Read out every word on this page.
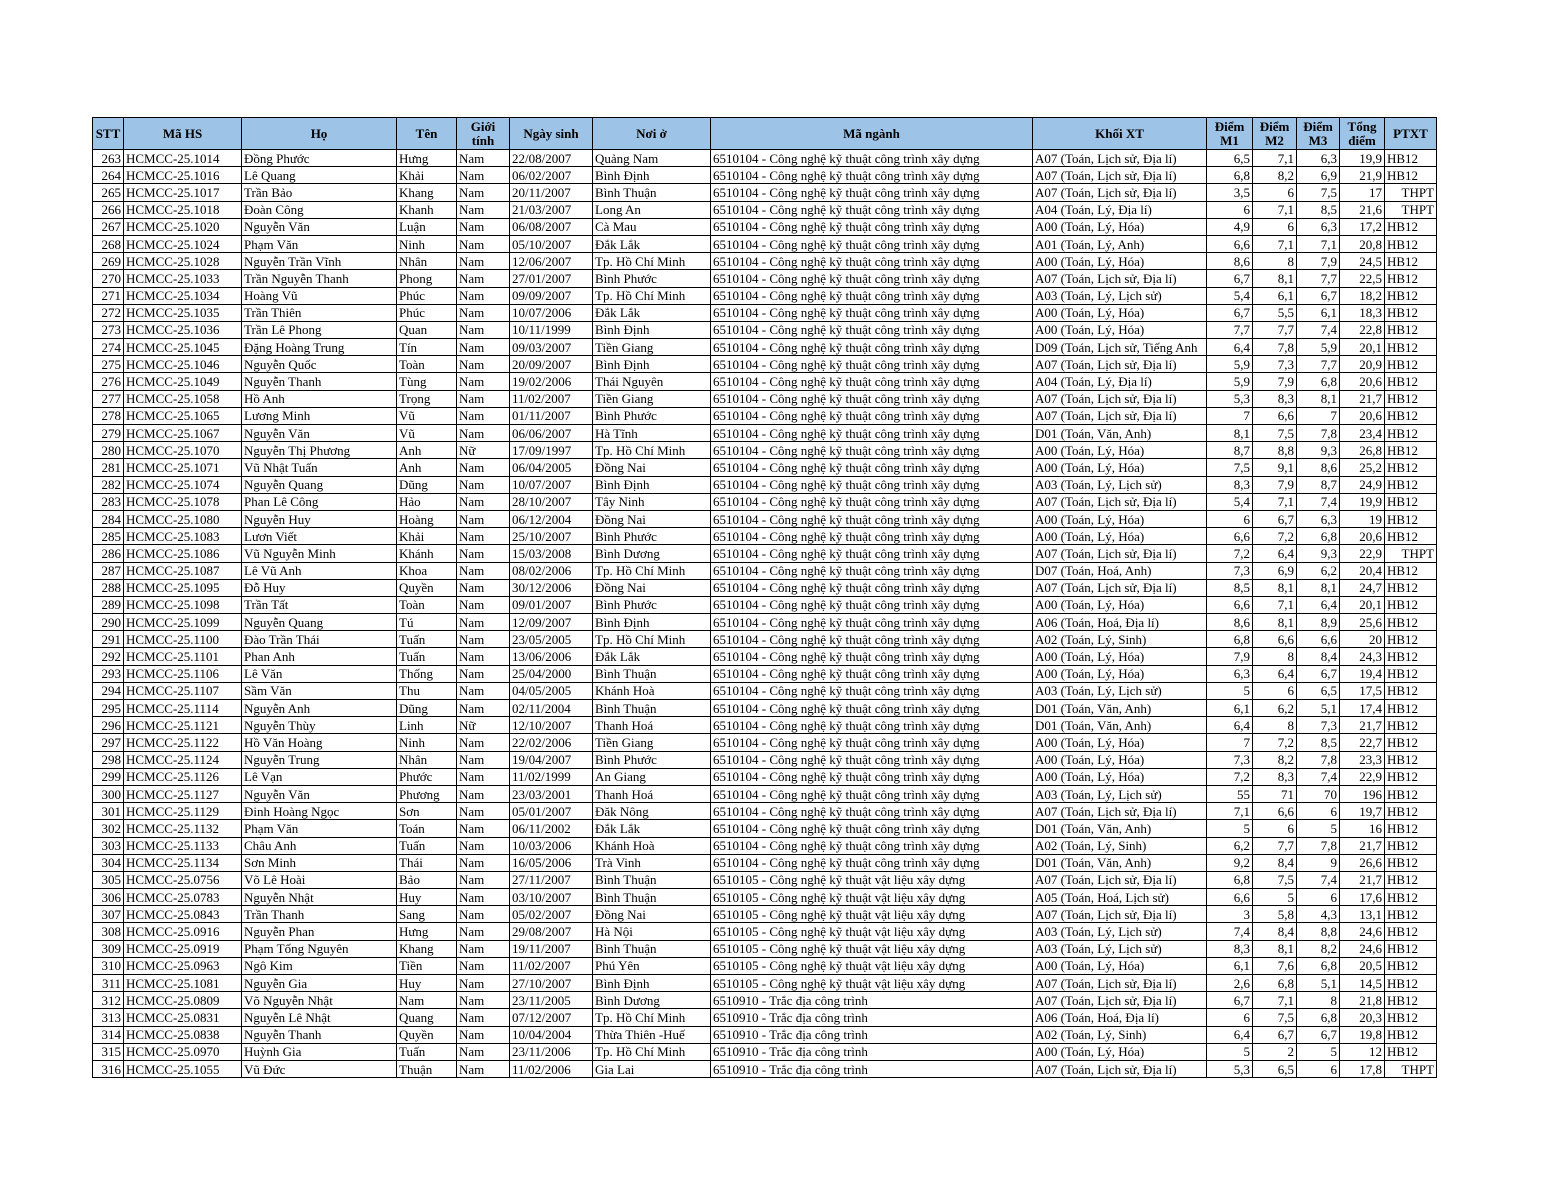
STT	Mã HS	Họ	Tên	Giới tính	Ngày sinh	Nơi ở	Mã ngành	Khối XT	Điểm M1	Điểm M2	Điểm M3	Tổng điểm	PTXT
263	HCMCC-25.1014	Đồng Phước	Hưng	Nam	22/08/2007	Quảng Nam	6510104 - Công nghệ kỹ thuật công trình xây dựng	A07 (Toán, Lịch sử, Địa lí)	6,5	7,1	6,3	19,9	HB12
264	HCMCC-25.1016	Lê Quang	Khải	Nam	06/02/2007	Bình Định	6510104 - Công nghệ kỹ thuật công trình xây dựng	A07 (Toán, Lịch sử, Địa lí)	6,8	8,2	6,9	21,9	HB12
265	HCMCC-25.1017	Trần Bảo	Khang	Nam	20/11/2007	Bình Thuận	6510104 - Công nghệ kỹ thuật công trình xây dựng	A07 (Toán, Lịch sử, Địa lí)	3,5	6	7,5	17	THPT
266	HCMCC-25.1018	Đoàn Công	Khanh	Nam	21/03/2007	Long An	6510104 - Công nghệ kỹ thuật công trình xây dựng	A04 (Toán, Lý, Địa lí)	6	7,1	8,5	21,6	THPT
267	HCMCC-25.1020	Nguyễn Văn	Luận	Nam	06/08/2007	Cà Mau	6510104 - Công nghệ kỹ thuật công trình xây dựng	A00 (Toán, Lý, Hóa)	4,9	6	6,3	17,2	HB12
268	HCMCC-25.1024	Phạm Văn	Ninh	Nam	05/10/2007	Đắk Lắk	6510104 - Công nghệ kỹ thuật công trình xây dựng	A01 (Toán, Lý, Anh)	6,6	7,1	7,1	20,8	HB12
269	HCMCC-25.1028	Nguyễn Trần Vĩnh	Nhân	Nam	12/06/2007	Tp. Hồ Chí Minh	6510104 - Công nghệ kỹ thuật công trình xây dựng	A00 (Toán, Lý, Hóa)	8,6	8	7,9	24,5	HB12
270	HCMCC-25.1033	Trần Nguyễn Thanh	Phong	Nam	27/01/2007	Bình Phước	6510104 - Công nghệ kỹ thuật công trình xây dựng	A07 (Toán, Lịch sử, Địa lí)	6,7	8,1	7,7	22,5	HB12
271	HCMCC-25.1034	Hoàng Vũ	Phúc	Nam	09/09/2007	Tp. Hồ Chí Minh	6510104 - Công nghệ kỹ thuật công trình xây dựng	A03 (Toán, Lý, Lịch sử)	5,4	6,1	6,7	18,2	HB12
272	HCMCC-25.1035	Trần Thiên	Phúc	Nam	10/07/2006	Đắk Lắk	6510104 - Công nghệ kỹ thuật công trình xây dựng	A00 (Toán, Lý, Hóa)	6,7	5,5	6,1	18,3	HB12
273	HCMCC-25.1036	Trần Lê Phong	Quan	Nam	10/11/1999	Bình Định	6510104 - Công nghệ kỹ thuật công trình xây dựng	A00 (Toán, Lý, Hóa)	7,7	7,7	7,4	22,8	HB12
274	HCMCC-25.1045	Đặng Hoàng Trung	Tín	Nam	09/03/2007	Tiền Giang	6510104 - Công nghệ kỹ thuật công trình xây dựng	D09 (Toán, Lịch sử, Tiếng Anh	6,4	7,8	5,9	20,1	HB12
275	HCMCC-25.1046	Nguyễn Quốc	Toàn	Nam	20/09/2007	Bình Định	6510104 - Công nghệ kỹ thuật công trình xây dựng	A07 (Toán, Lịch sử, Địa lí)	5,9	7,3	7,7	20,9	HB12
276	HCMCC-25.1049	Nguyễn Thanh	Tùng	Nam	19/02/2006	Thái Nguyên	6510104 - Công nghệ kỹ thuật công trình xây dựng	A04 (Toán, Lý, Địa lí)	5,9	7,9	6,8	20,6	HB12
277	HCMCC-25.1058	Hồ Anh	Trọng	Nam	11/02/2007	Tiền Giang	6510104 - Công nghệ kỹ thuật công trình xây dựng	A07 (Toán, Lịch sử, Địa lí)	5,3	8,3	8,1	21,7	HB12
278	HCMCC-25.1065	Lương Minh	Vũ	Nam	01/11/2007	Bình Phước	6510104 - Công nghệ kỹ thuật công trình xây dựng	A07 (Toán, Lịch sử, Địa lí)	7	6,6	7	20,6	HB12
279	HCMCC-25.1067	Nguyễn Văn	Vũ	Nam	06/06/2007	Hà Tĩnh	6510104 - Công nghệ kỹ thuật công trình xây dựng	D01 (Toán, Văn, Anh)	8,1	7,5	7,8	23,4	HB12
280	HCMCC-25.1070	Nguyễn Thị Phương	Anh	Nữ	17/09/1997	Tp. Hồ Chí Minh	6510104 - Công nghệ kỹ thuật công trình xây dựng	A00 (Toán, Lý, Hóa)	8,7	8,8	9,3	26,8	HB12
281	HCMCC-25.1071	Vũ Nhật Tuấn	Anh	Nam	06/04/2005	Đồng Nai	6510104 - Công nghệ kỹ thuật công trình xây dựng	A00 (Toán, Lý, Hóa)	7,5	9,1	8,6	25,2	HB12
282	HCMCC-25.1074	Nguyễn Quang	Dũng	Nam	10/07/2007	Bình Định	6510104 - Công nghệ kỹ thuật công trình xây dựng	A03 (Toán, Lý, Lịch sử)	8,3	7,9	8,7	24,9	HB12
283	HCMCC-25.1078	Phan Lê Công	Hảo	Nam	28/10/2007	Tây Ninh	6510104 - Công nghệ kỹ thuật công trình xây dựng	A07 (Toán, Lịch sử, Địa lí)	5,4	7,1	7,4	19,9	HB12
284	HCMCC-25.1080	Nguyễn Huy	Hoàng	Nam	06/12/2004	Đồng Nai	6510104 - Công nghệ kỹ thuật công trình xây dựng	A00 (Toán, Lý, Hóa)	6	6,7	6,3	19	HB12
285	HCMCC-25.1083	Lươn Viết	Khải	Nam	25/10/2007	Bình Phước	6510104 - Công nghệ kỹ thuật công trình xây dựng	A00 (Toán, Lý, Hóa)	6,6	7,2	6,8	20,6	HB12
286	HCMCC-25.1086	Vũ Nguyễn Minh	Khánh	Nam	15/03/2008	Bình Dương	6510104 - Công nghệ kỹ thuật công trình xây dựng	A07 (Toán, Lịch sử, Địa lí)	7,2	6,4	9,3	22,9	THPT
287	HCMCC-25.1087	Lê Vũ Anh	Khoa	Nam	08/02/2006	Tp. Hồ Chí Minh	6510104 - Công nghệ kỹ thuật công trình xây dựng	D07 (Toán, Hoá, Anh)	7,3	6,9	6,2	20,4	HB12
288	HCMCC-25.1095	Đỗ Huy	Quyền	Nam	30/12/2006	Đồng Nai	6510104 - Công nghệ kỹ thuật công trình xây dựng	A07 (Toán, Lịch sử, Địa lí)	8,5	8,1	8,1	24,7	HB12
289	HCMCC-25.1098	Trần Tất	Toàn	Nam	09/01/2007	Bình Phước	6510104 - Công nghệ kỹ thuật công trình xây dựng	A00 (Toán, Lý, Hóa)	6,6	7,1	6,4	20,1	HB12
290	HCMCC-25.1099	Nguyễn Quang	Tú	Nam	12/09/2007	Bình Định	6510104 - Công nghệ kỹ thuật công trình xây dựng	A06 (Toán, Hoá, Địa lí)	8,6	8,1	8,9	25,6	HB12
291	HCMCC-25.1100	Đào Trần Thái	Tuấn	Nam	23/05/2005	Tp. Hồ Chí Minh	6510104 - Công nghệ kỹ thuật công trình xây dựng	A02 (Toán, Lý, Sinh)	6,8	6,6	6,6	20	HB12
292	HCMCC-25.1101	Phan Anh	Tuấn	Nam	13/06/2006	Đắk Lắk	6510104 - Công nghệ kỹ thuật công trình xây dựng	A00 (Toán, Lý, Hóa)	7,9	8	8,4	24,3	HB12
293	HCMCC-25.1106	Lê Văn	Thống	Nam	25/04/2000	Bình Thuận	6510104 - Công nghệ kỹ thuật công trình xây dựng	A00 (Toán, Lý, Hóa)	6,3	6,4	6,7	19,4	HB12
294	HCMCC-25.1107	Sầm Văn	Thu	Nam	04/05/2005	Khánh Hoà	6510104 - Công nghệ kỹ thuật công trình xây dựng	A03 (Toán, Lý, Lịch sử)	5	6	6,5	17,5	HB12
295	HCMCC-25.1114	Nguyễn Anh	Dũng	Nam	02/11/2004	Bình Thuận	6510104 - Công nghệ kỹ thuật công trình xây dựng	D01 (Toán, Văn, Anh)	6,1	6,2	5,1	17,4	HB12
296	HCMCC-25.1121	Nguyễn Thùy	Linh	Nữ	12/10/2007	Thanh Hoá	6510104 - Công nghệ kỹ thuật công trình xây dựng	D01 (Toán, Văn, Anh)	6,4	8	7,3	21,7	HB12
297	HCMCC-25.1122	Hồ Văn Hoàng	Ninh	Nam	22/02/2006	Tiền Giang	6510104 - Công nghệ kỹ thuật công trình xây dựng	A00 (Toán, Lý, Hóa)	7	7,2	8,5	22,7	HB12
298	HCMCC-25.1124	Nguyễn Trung	Nhân	Nam	19/04/2007	Bình Phước	6510104 - Công nghệ kỹ thuật công trình xây dựng	A00 (Toán, Lý, Hóa)	7,3	8,2	7,8	23,3	HB12
299	HCMCC-25.1126	Lê Vạn	Phước	Nam	11/02/1999	An Giang	6510104 - Công nghệ kỹ thuật công trình xây dựng	A00 (Toán, Lý, Hóa)	7,2	8,3	7,4	22,9	HB12
300	HCMCC-25.1127	Nguyễn Văn	Phương	Nam	23/03/2001	Thanh Hoá	6510104 - Công nghệ kỹ thuật công trình xây dựng	A03 (Toán, Lý, Lịch sử)	55	71	70	196	HB12
301	HCMCC-25.1129	Đinh Hoàng Ngọc	Sơn	Nam	05/01/2007	Đăk Nông	6510104 - Công nghệ kỹ thuật công trình xây dựng	A07 (Toán, Lịch sử, Địa lí)	7,1	6,6	6	19,7	HB12
302	HCMCC-25.1132	Phạm Văn	Toán	Nam	06/11/2002	Đắk Lắk	6510104 - Công nghệ kỹ thuật công trình xây dựng	D01 (Toán, Văn, Anh)	5	6	5	16	HB12
303	HCMCC-25.1133	Châu Anh	Tuấn	Nam	10/03/2006	Khánh Hoà	6510104 - Công nghệ kỹ thuật công trình xây dựng	A02 (Toán, Lý, Sinh)	6,2	7,7	7,8	21,7	HB12
304	HCMCC-25.1134	Sơn Minh	Thái	Nam	16/05/2006	Trà Vinh	6510104 - Công nghệ kỹ thuật công trình xây dựng	D01 (Toán, Văn, Anh)	9,2	8,4	9	26,6	HB12
305	HCMCC-25.0756	Võ Lê Hoài	Bảo	Nam	27/11/2007	Bình Thuận	6510105 - Công nghệ kỹ thuật vật liệu xây dựng	A07 (Toán, Lịch sử, Địa lí)	6,8	7,5	7,4	21,7	HB12
306	HCMCC-25.0783	Nguyễn Nhật	Huy	Nam	03/10/2007	Bình Thuận	6510105 - Công nghệ kỹ thuật vật liệu xây dựng	A05 (Toán, Hoá, Lịch sử)	6,6	5	6	17,6	HB12
307	HCMCC-25.0843	Trần Thanh	Sang	Nam	05/02/2007	Đồng Nai	6510105 - Công nghệ kỹ thuật vật liệu xây dựng	A07 (Toán, Lịch sử, Địa lí)	3	5,8	4,3	13,1	HB12
308	HCMCC-25.0916	Nguyễn Phan	Hưng	Nam	29/08/2007	Hà Nội	6510105 - Công nghệ kỹ thuật vật liệu xây dựng	A03 (Toán, Lý, Lịch sử)	7,4	8,4	8,8	24,6	HB12
309	HCMCC-25.0919	Phạm Tống Nguyên	Khang	Nam	19/11/2007	Bình Thuận	6510105 - Công nghệ kỹ thuật vật liệu xây dựng	A03 (Toán, Lý, Lịch sử)	8,3	8,1	8,2	24,6	HB12
310	HCMCC-25.0963	Ngô Kim	Tiền	Nam	11/02/2007	Phú Yên	6510105 - Công nghệ kỹ thuật vật liệu xây dựng	A00 (Toán, Lý, Hóa)	6,1	7,6	6,8	20,5	HB12
311	HCMCC-25.1081	Nguyễn Gia	Huy	Nam	27/10/2007	Bình Định	6510105 - Công nghệ kỹ thuật vật liệu xây dựng	A07 (Toán, Lịch sử, Địa lí)	2,6	6,8	5,1	14,5	HB12
312	HCMCC-25.0809	Võ Nguyễn Nhật	Nam	Nam	23/11/2005	Bình Dương	6510910 - Trắc địa công trình	A07 (Toán, Lịch sử, Địa lí)	6,7	7,1	8	21,8	HB12
313	HCMCC-25.0831	Nguyễn Lê Nhật	Quang	Nam	07/12/2007	Tp. Hồ Chí Minh	6510910 - Trắc địa công trình	A06 (Toán, Hoá, Địa lí)	6	7,5	6,8	20,3	HB12
314	HCMCC-25.0838	Nguyễn Thanh	Quyền	Nam	10/04/2004	Thừa Thiên -Huế	6510910 - Trắc địa công trình	A02 (Toán, Lý, Sinh)	6,4	6,7	6,7	19,8	HB12
315	HCMCC-25.0970	Huỳnh Gia	Tuấn	Nam	23/11/2006	Tp. Hồ Chí Minh	6510910 - Trắc địa công trình	A00 (Toán, Lý, Hóa)	5	2	5	12	HB12
316	HCMCC-25.1055	Vũ Đức	Thuận	Nam	11/02/2006	Gia Lai	6510910 - Trắc địa công trình	A07 (Toán, Lịch sử, Địa lí)	5,3	6,5	6	17,8	THPT
